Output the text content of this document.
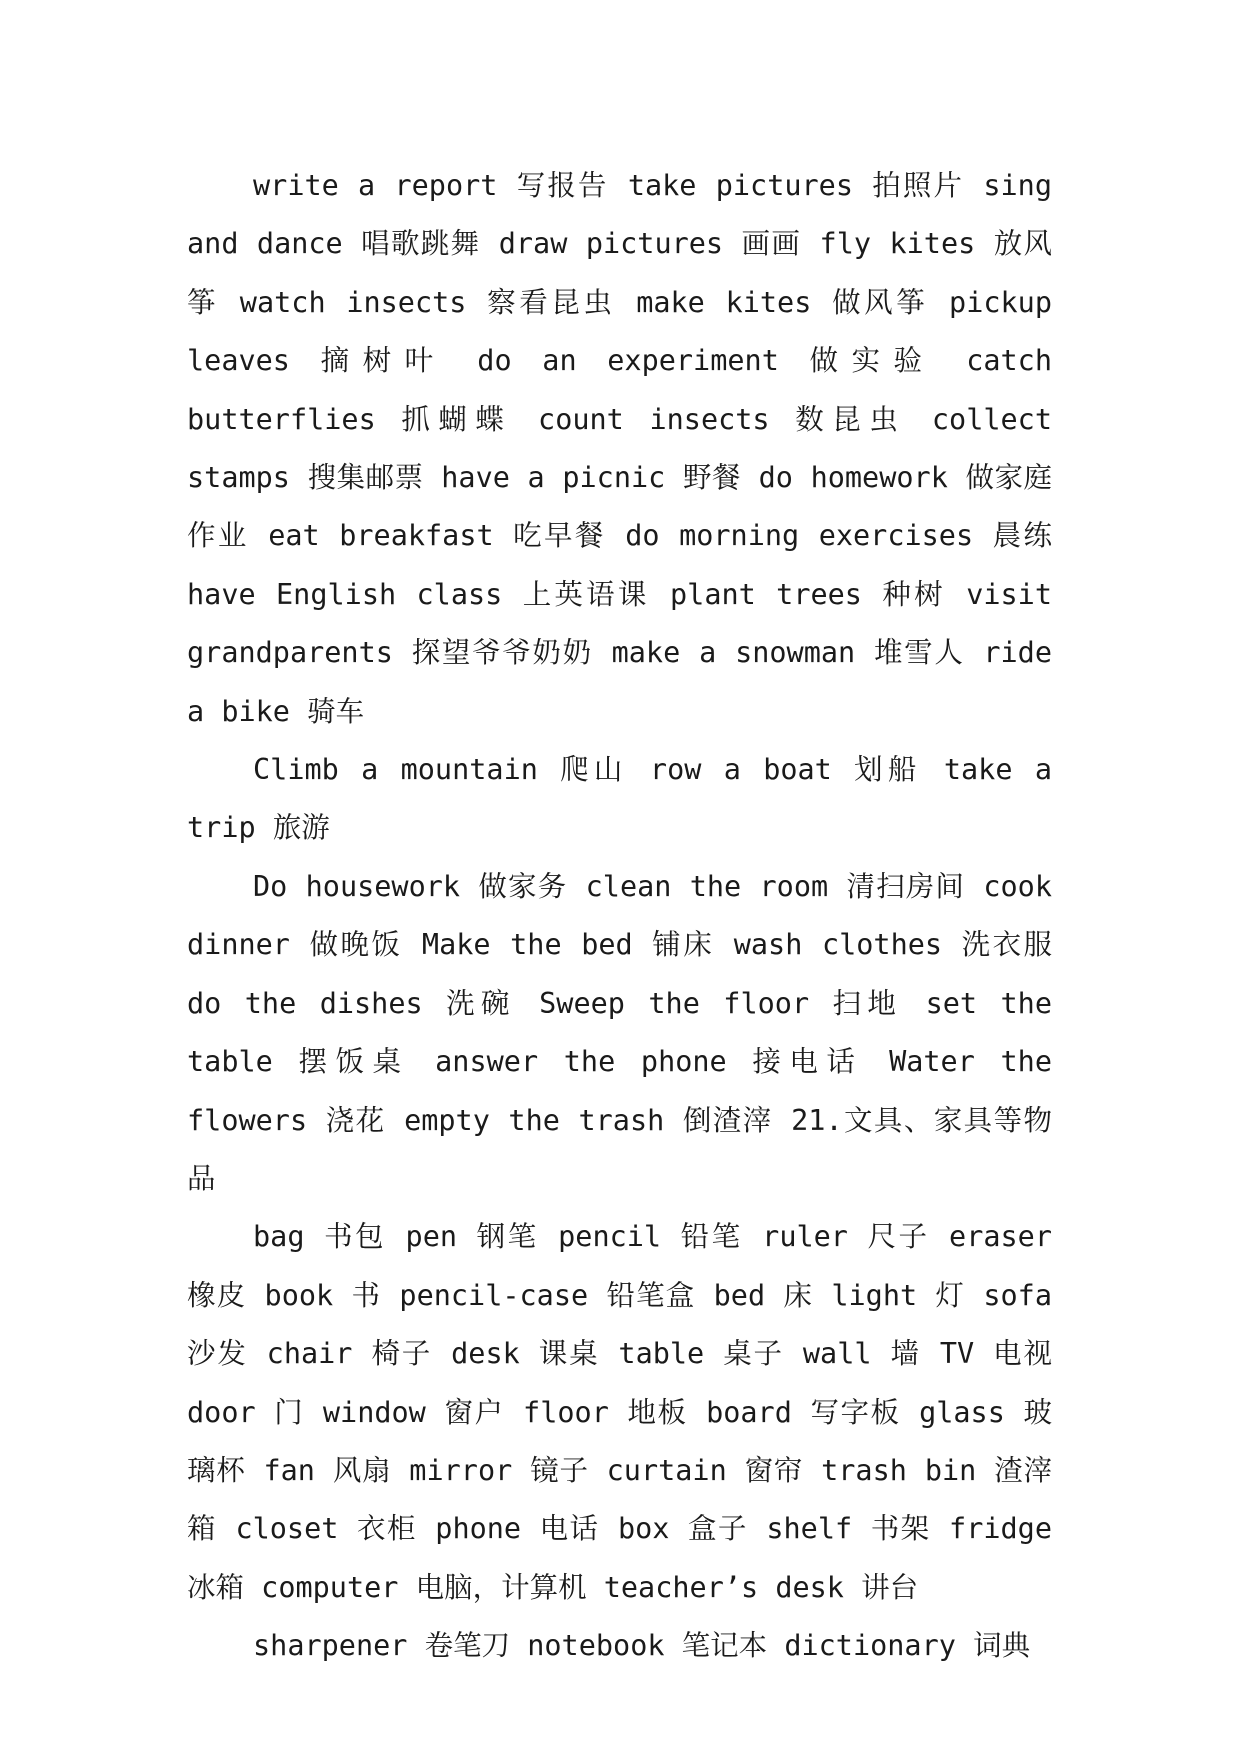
write a report 写报告 take pictures 拍照片 sing and dance 唱歌跳舞 draw pictures 画画 fly kites 放风筝 watch insects 察看昆虫 make kites 做风筝 pickup leaves 摘树叶 do an experiment 做实验 catch butterflies 抓蝴蝶 count insects 数昆虫 collect stamps 搜集邮票 have a picnic 野餐 do homework 做家庭作业 eat breakfast 吃早餐 do morning exercises 晨练 have English class 上英语课 plant trees 种树 visit grandparents 探望爷爷奶奶 make a snowman 堆雪人 ride a bike 骑车

Climb a mountain 爬山 row a boat 划船 take a trip 旅游

Do housework 做家务 clean the room 清扫房间 cook dinner 做晚饭 Make the bed 铺床 wash clothes 洗衣服 do the dishes 洗碗 Sweep the floor 扫地 set the table 摆饭桌 answer the phone 接电话 Water the flowers 浇花 empty the trash 倒渣滓 21.文具、家具等物品

bag 书包 pen 钢笔 pencil 铅笔 ruler 尺子 eraser 橡皮 book 书 pencil-case 铅笔盒 bed 床 light 灯 sofa 沙发 chair 椅子 desk 课桌 table 桌子 wall 墙 TV 电视 door 门 window 窗户 floor 地板 board 写字板 glass 玻璃杯 fan 风扇 mirror 镜子 curtain 窗帘 trash bin 渣滓箱 closet 衣柜 phone 电话 box 盒子 shelf 书架 fridge 冰箱 computer 电脑，计算机 teacher’s desk 讲台

sharpener 卷笔刀 notebook 笔记本 dictionary 词典
